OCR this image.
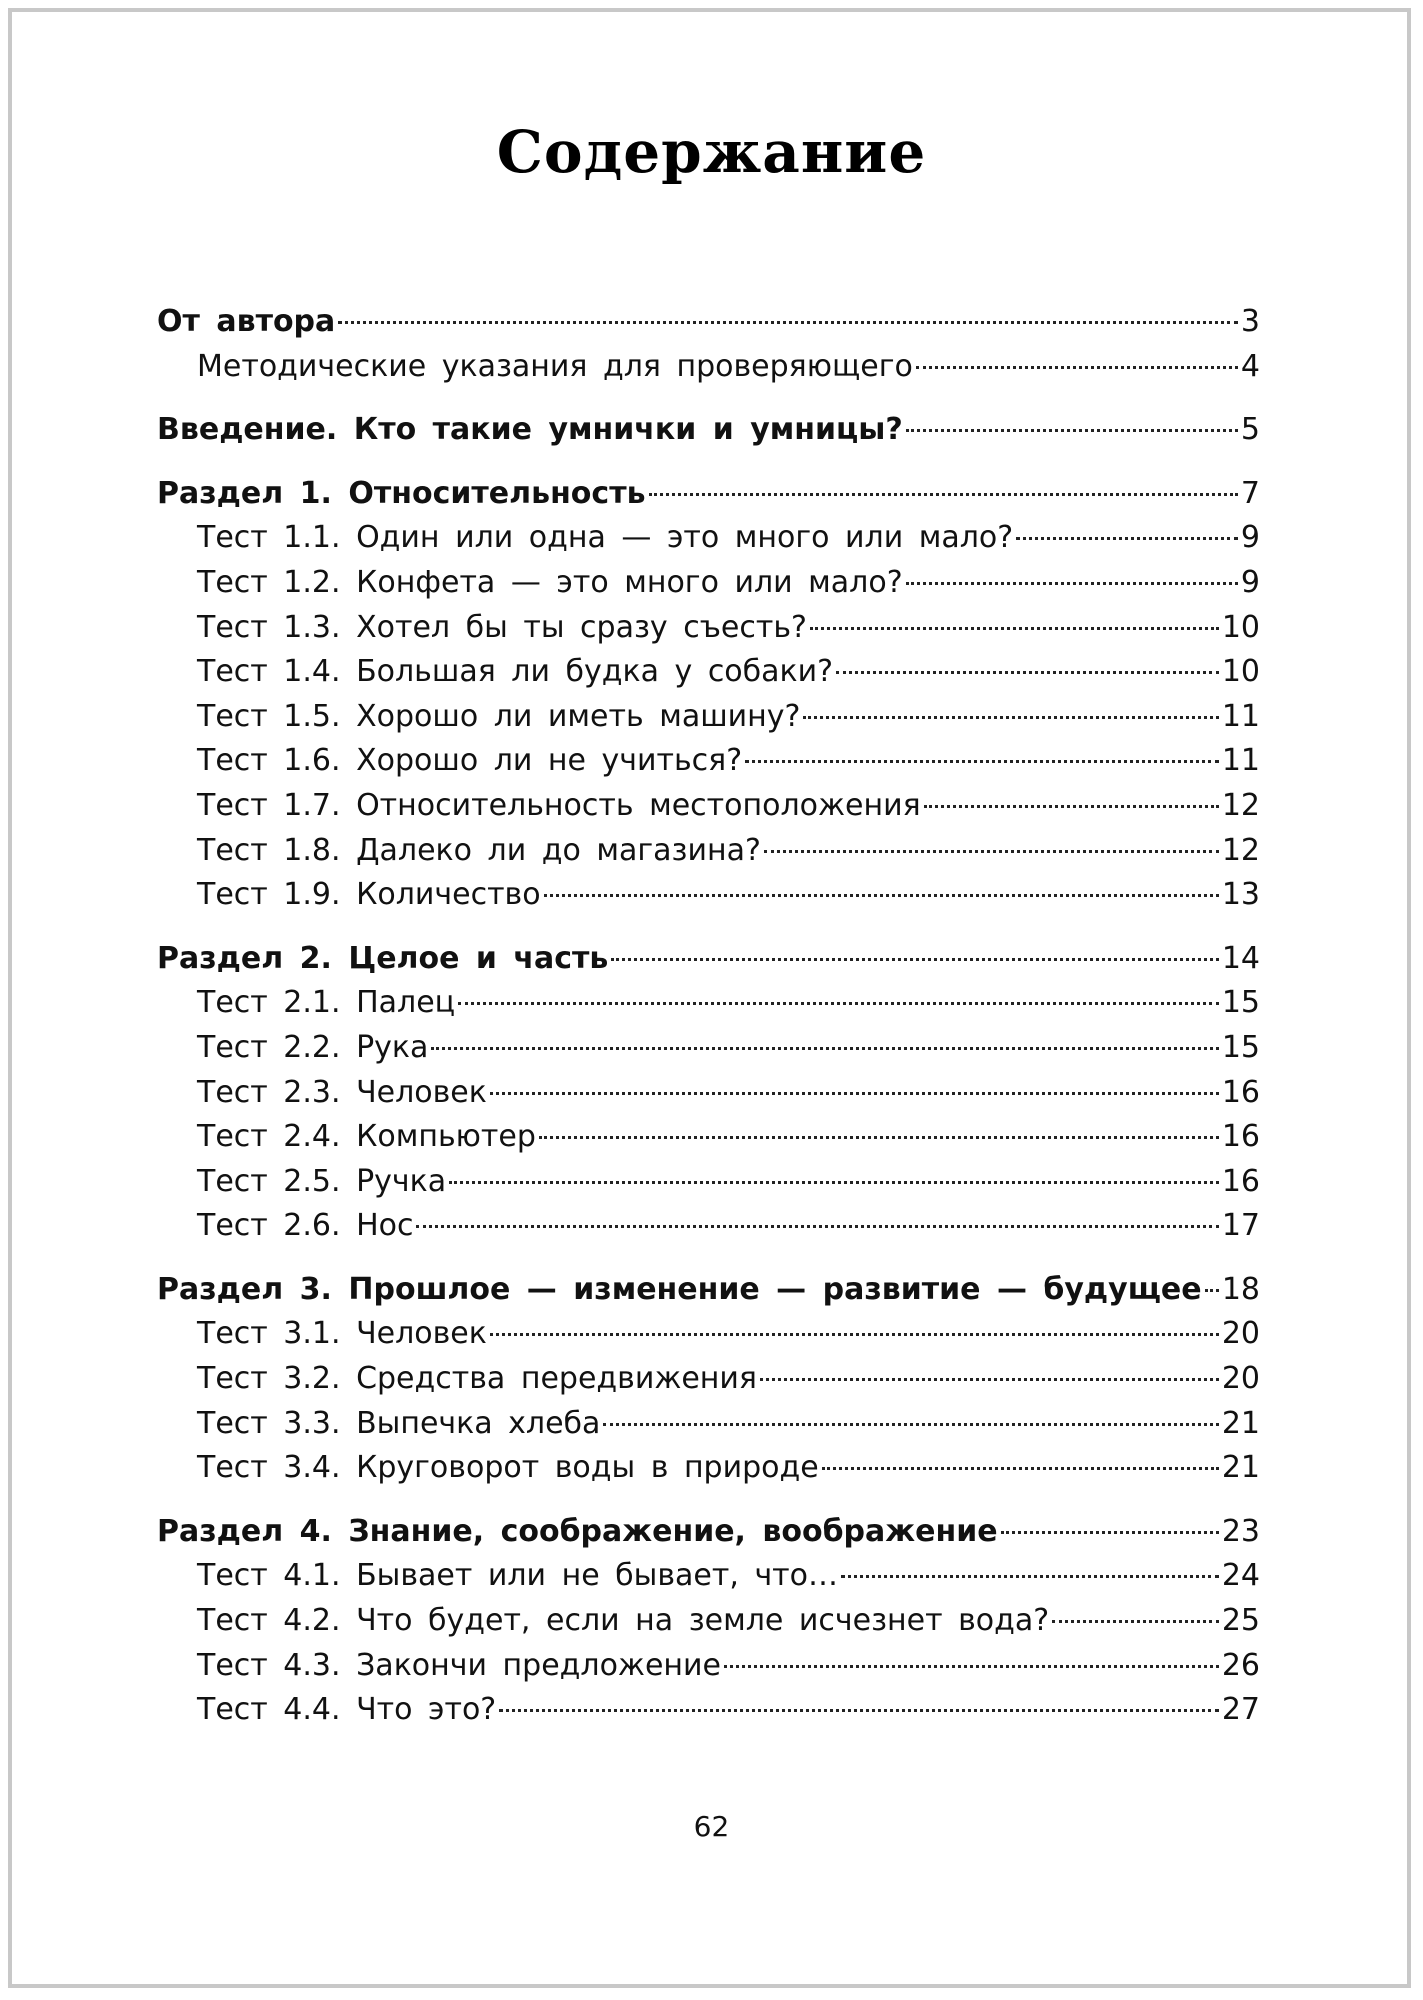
Содержание
От автора	3
Методические указания для проверяющего	4
Введение. Кто такие умнички и умницы?	5
Раздел 1. Относительность	7
Тест 1.1. Один или одна — это много или мало?	9
Тест 1.2. Конфета — это много или мало?	9
Тест 1.3. Хотел бы ты сразу съесть?	10
Тест 1.4. Большая ли будка у собаки?	10
Тест 1.5. Хорошо ли иметь машину?	11
Тест 1.6. Хорошо ли не учиться?	11
Тест 1.7. Относительность местоположения	12
Тест 1.8. Далеко ли до магазина?	12
Тест 1.9. Количество	13
Раздел 2. Целое и часть	14
Тест 2.1. Палец	15
Тест 2.2. Рука	15
Тест 2.3. Человек	16
Тест 2.4. Компьютер	16
Тест 2.5. Ручка	16
Тест 2.6. Нос	17
Раздел 3. Прошлое — изменение — развитие — будущее 18
Тест 3.1. Человек	20
Тест 3.2. Средства передвижения	20
Тест 3.3. Выпечка хлеба	21
Тест 3.4. Круговорот воды в природе	21
Раздел 4. Знание, соображение, воображение	23
Тест 4.1. Бывает или не бывает, что…	24
Тест 4.2. Что будет, если на земле исчезнет вода?	25
Тест 4.3. Закончи предложение	26
Тест 4.4. Что это?	27
62
